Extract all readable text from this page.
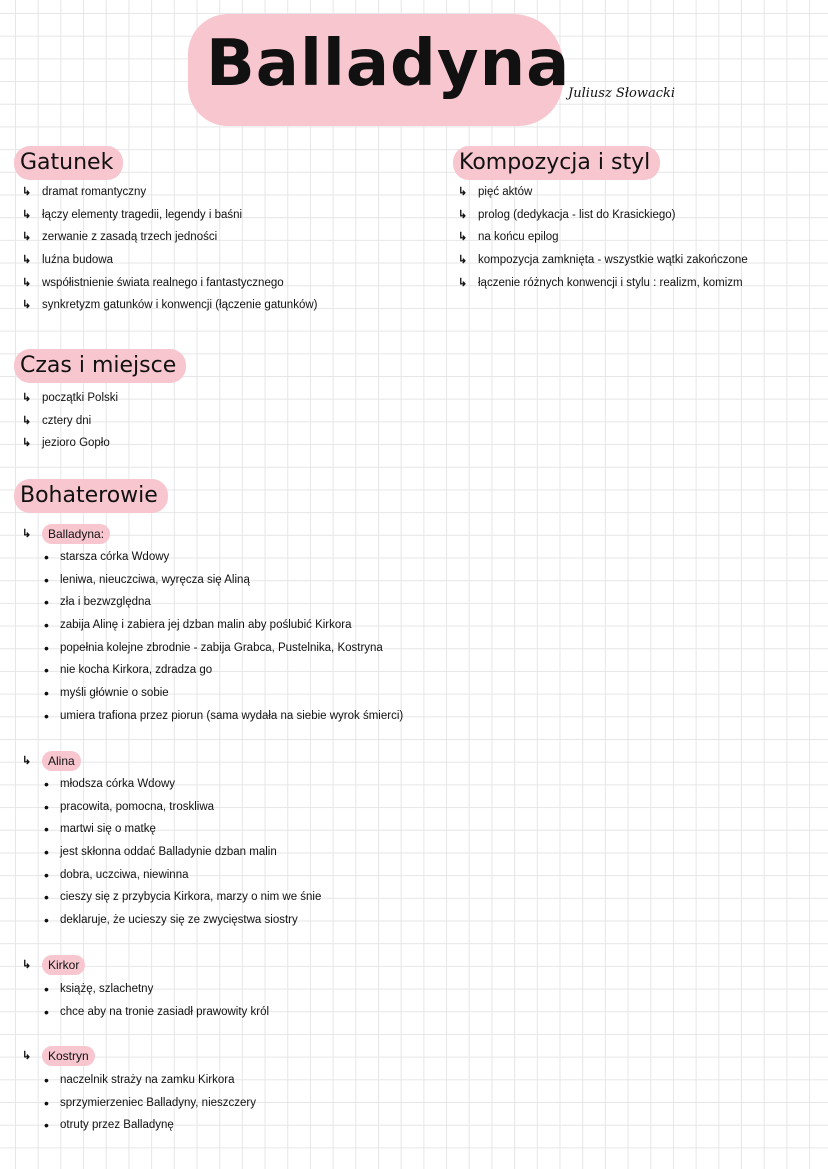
Balladyna
Juliusz Słowacki
Gatunek
↳ dramat romantyczny
↳ łączy elementy tragedii, legendy i baśni
↳ zerwanie z zasadą trzech jedności
↳ luźna budowa
↳ współistnienie świata realnego i fantastycznego
↳ synkretyzm gatunków i konwencji (łączenie gatunków)
Kompozycja i styl
↳ pięć aktów
↳ prolog (dedykacja - list do Krasickiego)
↳ na końcu epilog
↳ kompozycja zamknięta - wszystkie wątki zakończone
↳ łączenie różnych konwencji i stylu : realizm, komizm
Czas i miejsce
↳ początki Polski
↳ cztery dni
↳ jezioro Gopło
Bohaterowie
↳	Balladyna:
• starsza córka Wdowy
• leniwa, nieuczciwa, wyręcza się Aliną
• zła i bezwzględna
• zabija Alinę i zabiera jej dzban malin aby poślubić Kirkora
• popełnia kolejne zbrodnie - zabija Grabca, Pustelnika, Kostryna
• nie kocha Kirkora, zdradza go
• myśli głównie o sobie
• umiera trafiona przez piorun (sama wydała na siebie wyrok śmierci)
↳	Alina
• młodsza córka Wdowy
• pracowita, pomocna, troskliwa
• martwi się o matkę
• jest skłonna oddać Balladynie dzban malin
• dobra, uczciwa, niewinna
• cieszy się z przybycia Kirkora, marzy o nim we śnie
• deklaruje, że ucieszy się ze zwycięstwa siostry
↳	Kirkor
• książę, szlachetny
• chce aby na tronie zasiadł prawowity król
↳	Kostryn
• naczelnik straży na zamku Kirkora
• sprzymierzeniec Balladyny, nieszczery
• otruty przez Balladynę
